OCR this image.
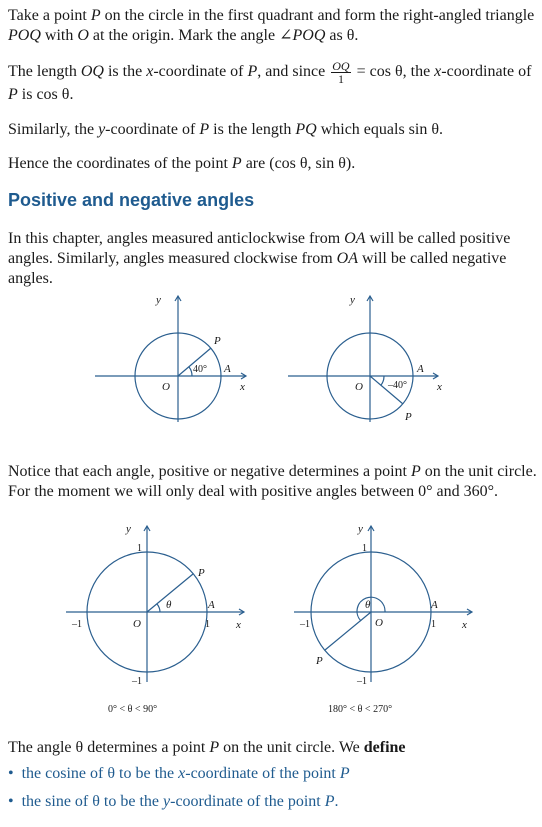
Take a point P on the circle in the first quadrant and form the right-angled triangle POQ with O at the origin. Mark the angle ∠POQ as θ.
The length OQ is the x-coordinate of P, and since $\frac{OQ}{1} = \cos \theta$, the x-coordinate of P is cos θ.
Similarly, the y-coordinate of P is the length PQ which equals sin θ.
Hence the coordinates of the point P are (cos θ, sin θ).
Positive and negative angles
In this chapter, angles measured anticlockwise from OA will be called positive angles. Similarly, angles measured clockwise from OA will be called negative angles.
y
x
O
A
P
40°
y
x
O
A
P
–40°
Notice that each angle, positive or negative determines a point P on the unit circle. For the moment we will only deal with positive angles between 0° and 360°.
y
x
O
A
P
θ
1
1
–1
–1
0° < θ < 90°
y
x
O
A
P
θ
1
1
–1
–1
180° < θ < 270°
The angle θ determines a point P on the unit circle. We define
• the cosine of θ to be the x-coordinate of the point P
• the sine of θ to be the y-coordinate of the point P.
